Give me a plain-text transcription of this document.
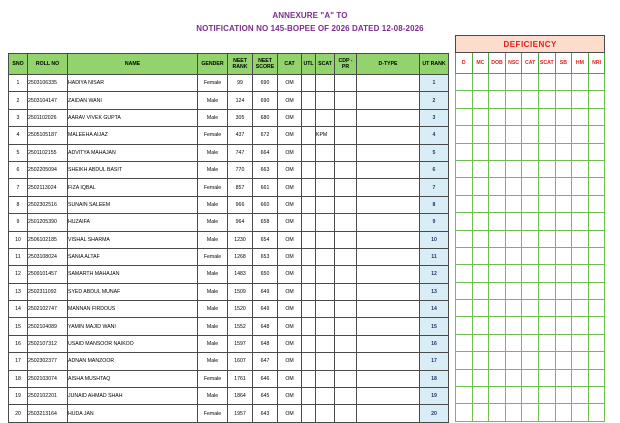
ANNEXURE "A" TO
NOTIFICATION NO 145-BOPEE OF 2026 DATED 12-08-2026
SNO	ROLL NO	NAME	GENDER	NEET RANK	NEET SCORE	CAT	UTL	SCAT	CDP - PR	D-TYPE	UT RANK
1	2503106335	HADIYA NISAR	Female	99	690	OM					1
2	2503104147	ZAIDAN WANI	Male	124	690	OM					2
3	2501102026	AARAV VIVEK GUPTA	Male	305	680	OM					3
4	2505105187	MALEEHA AIJAZ	Female	437	672	OM		KPM			4
5	2501102155	ADVITYA MAHAJAN	Male	747	664	OM					5
6	2502205094	SHEIKH ABDUL BASIT	Male	770	663	OM					6
7	2502113024	FIZA IQBAL	Female	857	661	OM					7
8	2502302516	SUNAIN SALEEM	Male	966	660	OM					8
9	2501205390	HUZAIFA	Male	964	658	OM					9
10	2506102185	VISHAL SHARMA	Male	1230	654	OM					10
11	2503108024	SANIA ALTAF	Female	1268	653	OM					11
12	2509101457	SAMARTH MAHAJAN	Male	1483	650	OM					12
13	2502311092	SYED ABDUL MUNAF	Male	1509	649	OM					13
14	2502102747	MANNAN FIRDOUS	Male	1520	649	OM					14
15	2502104089	YAMIN MAJID WANI	Male	1552	648	OM					15
16	2502107312	USAID MANSOOR NAIKOO	Male	1597	648	OM					16
17	2502302377	ADNAN MANZOOR	Male	1607	647	OM					17
18	2502103074	AISHA MUSHTAQ	Female	1761	646	OM					18
19	2502102201	JUNAID AHMAD SHAH	Male	1864	645	OM					19
20	2503213164	HUDA JAN	Female	1957	643	OM					20
DEFICIENCY								
D	MC	DOB	NSC	CAT	SCAT	SB	HM	NRI
